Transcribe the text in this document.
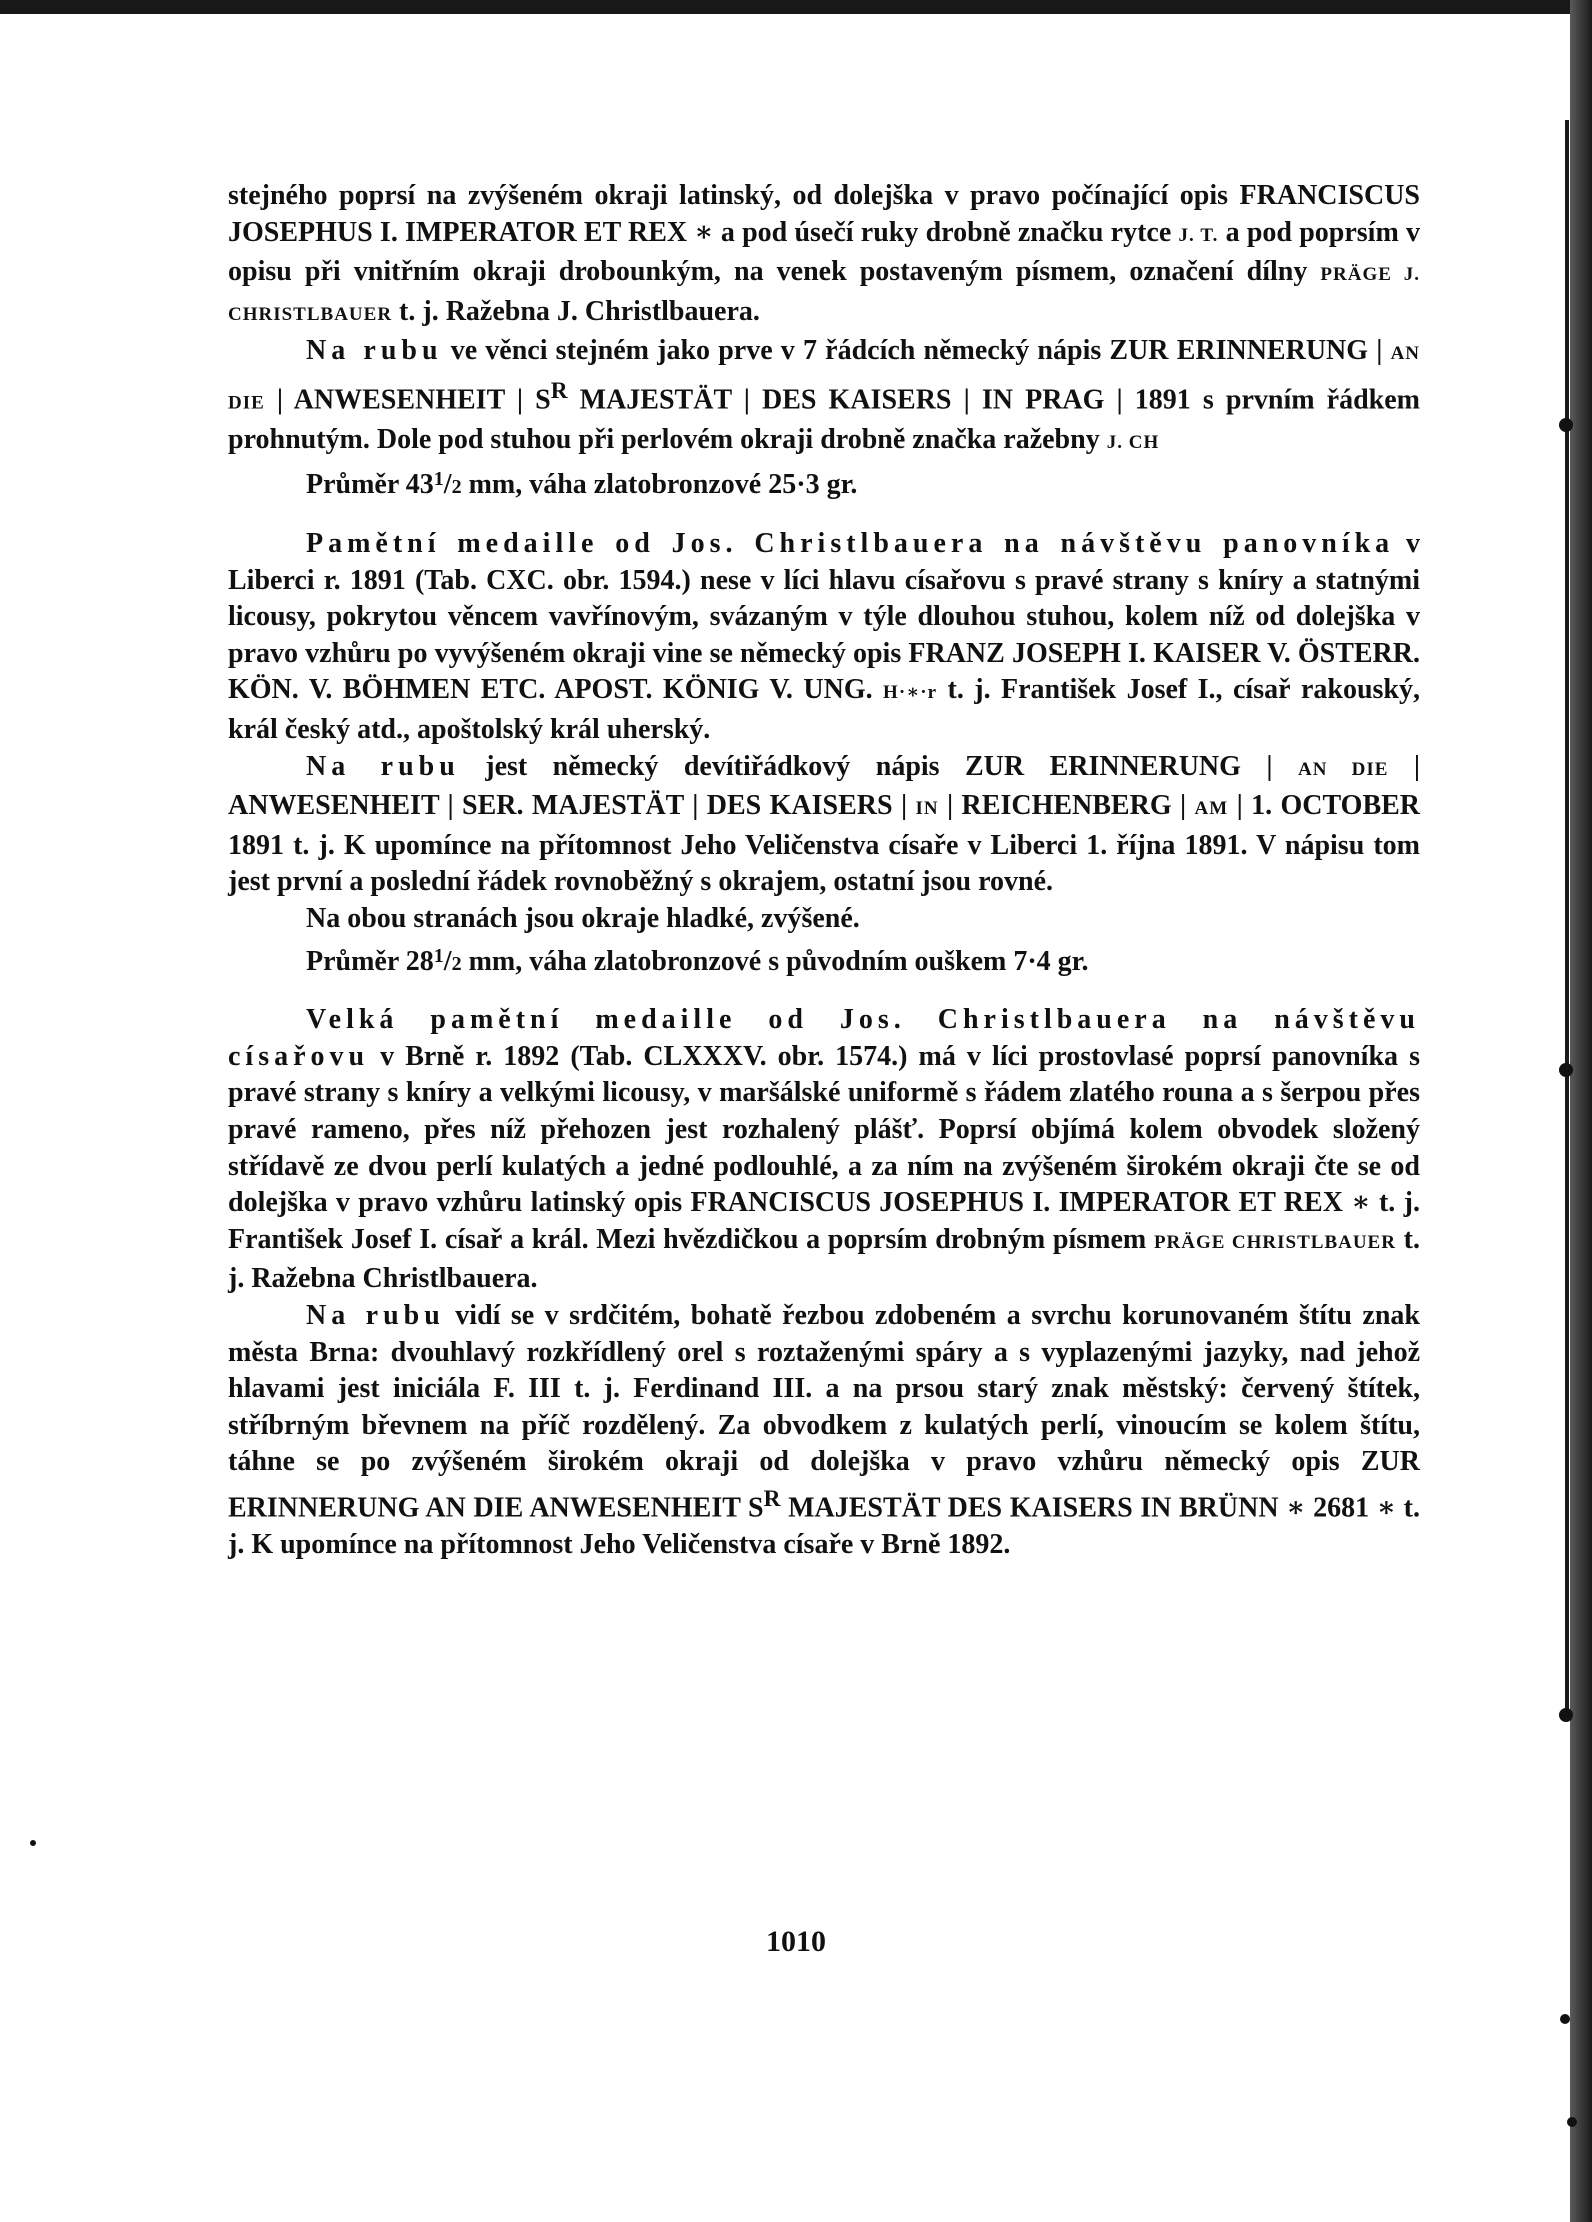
stejného poprsí na zvýšeném okraji latinský, od dolejška v pravo počínající opis FRANCISCUS JOSEPHUS I. IMPERATOR ET REX ∗ a pod úsečí ruky drobně značku rytce J. T. a pod poprsím v opisu při vnitřním okraji drobounkým, na venek postaveným písmem, označení dílny PRÄGE J. CHRISTLBAUER t. j. Ražebna J. Christlbauera.

Na rubu ve věnci stejném jako prve v 7 řádcích německý nápis ZUR ERINNERUNG | AN DIE | ANWESENHEIT | $S^R$ MAJESTÄT | DES KAISERS | IN PRAG | 1891 s prvním řádkem prohnutým. Dole pod stuhou při perlovém okraji drobně značka ražebny J. CH

Průměr $43^1/2$ mm, váha zlatobronzové 25·3 gr.

Pamětní medaille od Jos. Christlbauera na návštěvu panovníka v Liberci r. 1891 (Tab. CXC. obr. 1594.) nese v líci hlavu císařovu s pravé strany s kníry a statnými licousy, pokrytou věncem vavřínovým, svázaným v týle dlouhou stuhou, kolem níž od dolejška v pravo vzhůru po vyvýšeném okraji vine se německý opis FRANZ JOSEPH I. KAISER V. ÖSTERR. KÖN. V. BÖHMEN ETC. APOST. KÖNIG V. UNG. H·∗·r t. j. František Josef I., císař rakouský, král český atd., apoštolský král uherský.

Na rubu jest německý devítiřádkový nápis ZUR ERINNERUNG | AN DIE | ANWESENHEIT | SER. MAJESTÄT | DES KAISERS | IN | REICHENBERG | AM | 1. OCTOBER 1891 t. j. K upomínce na přítomnost Jeho Veličenstva císaře v Liberci 1. října 1891. V nápisu tom jest první a poslední řádek rovnoběžný s okrajem, ostatní jsou rovné.

Na obou stranách jsou okraje hladké, zvýšené.

Průměr $28^1/2$ mm, váha zlatobronzové s původním ouškem 7·4 gr.

Velká pamětní medaille od Jos. Christlbauera na návštěvu císařovu v Brně r. 1892 (Tab. CLXXXV. obr. 1574.) má v líci prostovlasé poprsí panovníka s pravé strany s kníry a velkými licousy, v maršálské uniformě s řádem zlatého rouna a s šerpou přes pravé rameno, přes níž přehozen jest rozhalený plášť. Poprsí objímá kolem obvodek složený střídavě ze dvou perlí kulatých a jedné podlouhlé, a za ním na zvýšeném širokém okraji čte se od dolejška v pravo vzhůru latinský opis FRANCISCUS JOSEPHUS I. IMPERATOR ET REX ∗ t. j. František Josef I. císař a král. Mezi hvězdičkou a poprsím drobným písmem PRÄGE CHRISTLBAUER t. j. Ražebna Christlbauera.

Na rubu vidí se v srdčitém, bohatě řezbou zdobeném a svrchu korunovaném štítu znak města Brna: dvouhlavý rozkřídlený orel s roztaženými spáry a s vyplazenými jazyky, nad jehož hlavami jest iniciála F. III t. j. Ferdinand III. a na prsou starý znak městský: červený štítek, stříbrným břevnem na příč rozdělený. Za obvodkem z kulatých perlí, vinoucím se kolem štítu, táhne se po zvýšeném širokém okraji od dolejška v pravo vzhůru německý opis ZUR ERINNERUNG AN DIE ANWESENHEIT $S^R$ MAJESTÄT DES KAISERS IN BRÜNN ∗ 2681 ∗ t. j. K upomínce na přítomnost Jeho Veličenstva císaře v Brně 1892.

1010
